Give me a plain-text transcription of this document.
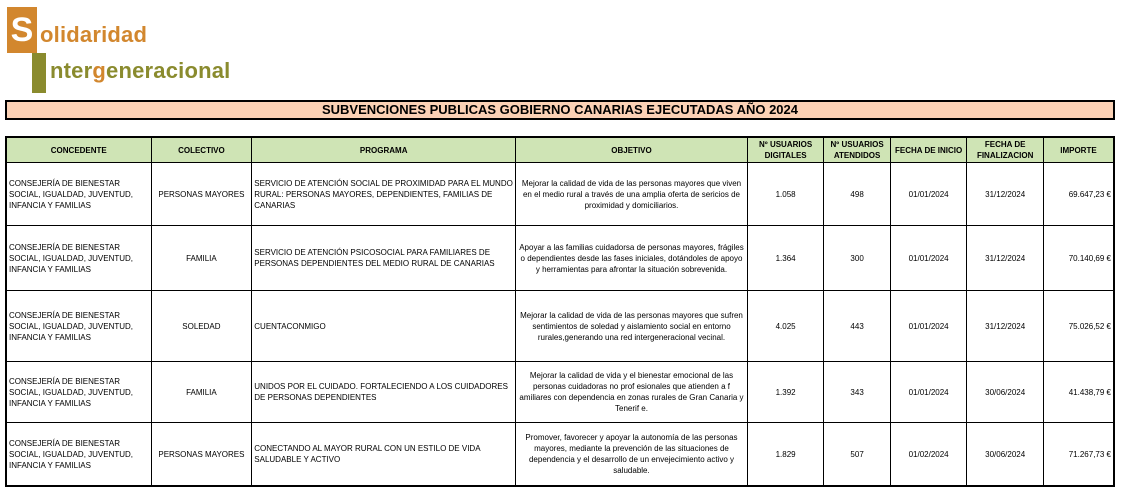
S olidaridad
ntergeneracional
SUBVENCIONES PUBLICAS GOBIERNO CANARIAS EJECUTADAS AÑO 2024
CONCEDENTE	COLECTIVO	PROGRAMA	OBJETIVO	Nº USUARIOS DIGITALES	Nº USUARIOS ATENDIDOS	FECHA DE INICIO	FECHA DE FINALIZACION	IMPORTE
CONSEJERÍA DE BIENESTAR SOCIAL, IGUALDAD, JUVENTUD, INFANCIA Y FAMILIAS	PERSONAS MAYORES	SERVICIO DE ATENCIÓN SOCIAL DE PROXIMIDAD PARA EL MUNDO RURAL: PERSONAS MAYORES, DEPENDIENTES, FAMILIAS DE CANARIAS	Mejorar la calidad de vida de las personas mayores que viven en el medio rural a través de una amplia oferta de sericios de proximidad y domiciliarios.	1.058	498	01/01/2024	31/12/2024	69.647,23 €
CONSEJERÍA DE BIENESTAR SOCIAL, IGUALDAD, JUVENTUD, INFANCIA Y FAMILIAS	FAMILIA	SERVICIO DE ATENCIÓN PSICOSOCIAL PARA FAMILIARES DE PERSONAS DEPENDIENTES DEL MEDIO RURAL DE CANARIAS	Apoyar a las familias cuidadorsa de personas mayores, frágiles o dependientes desde las fases iniciales, dotándoles de apoyo y herramientas para afrontar la situación sobrevenida.	1.364	300	01/01/2024	31/12/2024	70.140,69 €
CONSEJERÍA DE BIENESTAR SOCIAL, IGUALDAD, JUVENTUD, INFANCIA Y FAMILIAS	SOLEDAD	CUENTACONMIGO	Mejorar la calidad de vida de las personas mayores que sufren sentimientos de soledad y aislamiento social en entorno rurales,generando una red intergeneracional vecinal.	4.025	443	01/01/2024	31/12/2024	75.026,52 €
CONSEJERÍA DE BIENESTAR SOCIAL, IGUALDAD, JUVENTUD, INFANCIA Y FAMILIAS	FAMILIA	UNIDOS POR EL CUIDADO. FORTALECIENDO A LOS CUIDADORES DE PERSONAS DEPENDIENTES	Mejorar la calidad de vida y el bienestar emocional de las personas cuidadoras no prof esionales que atienden a f amiliares con dependencia en zonas rurales de Gran Canaria y Tenerif e.	1.392	343	01/01/2024	30/06/2024	41.438,79 €
CONSEJERÍA DE BIENESTAR SOCIAL, IGUALDAD, JUVENTUD, INFANCIA Y FAMILIAS	PERSONAS MAYORES	CONECTANDO AL MAYOR RURAL CON UN ESTILO DE VIDA SALUDABLE Y ACTIVO	Promover, favorecer y apoyar la autonomía de las personas mayores, mediante la prevención de las situaciones de dependencia y el desarrollo de un envejecimiento activo y saludable.	1.829	507	01/02/2024	30/06/2024	71.267,73 €
